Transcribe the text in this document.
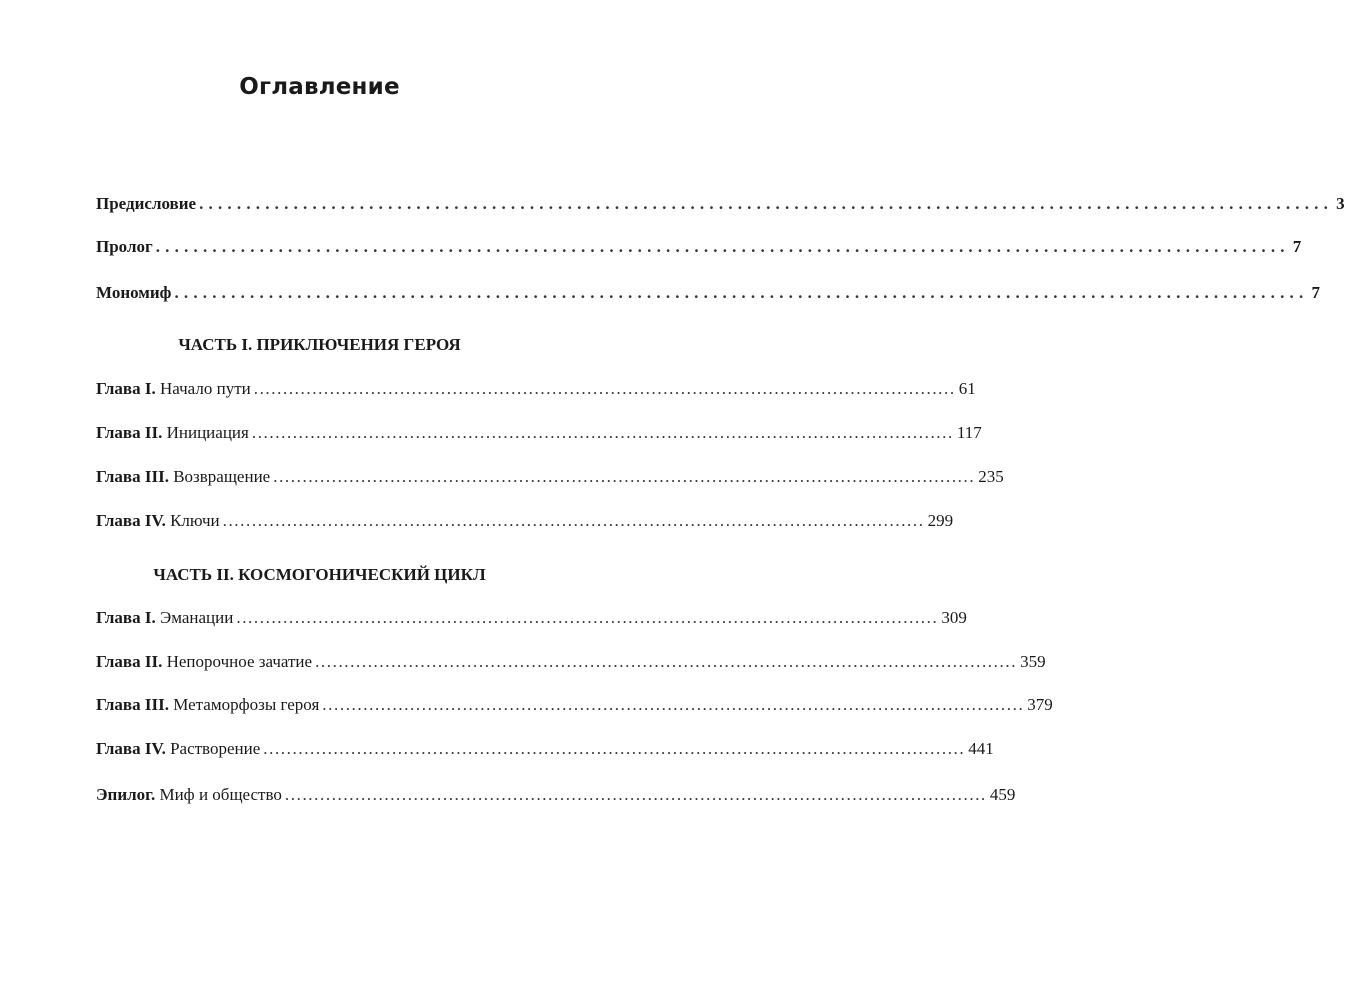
Оглавление
Предисловие ........................................................................................................................ 3
Пролог ........................................................................................................................ 7
Мономиф ........................................................................................................................ 7
ЧАСТЬ I. ПРИКЛЮЧЕНИЯ ГЕРОЯ
Глава I. Начало пути ........................................................................................................................ 61
Глава II. Инициация ........................................................................................................................ 117
Глава III. Возвращение ........................................................................................................................ 235
Глава IV. Ключи ........................................................................................................................ 299
ЧАСТЬ II. КОСМОГОНИЧЕСКИЙ ЦИКЛ
Глава I. Эманации ........................................................................................................................ 309
Глава II. Непорочное зачатие ........................................................................................................................ 359
Глава III. Метаморфозы героя ........................................................................................................................ 379
Глава IV. Растворение ........................................................................................................................ 441
Эпилог. Миф и общество ........................................................................................................................ 459
